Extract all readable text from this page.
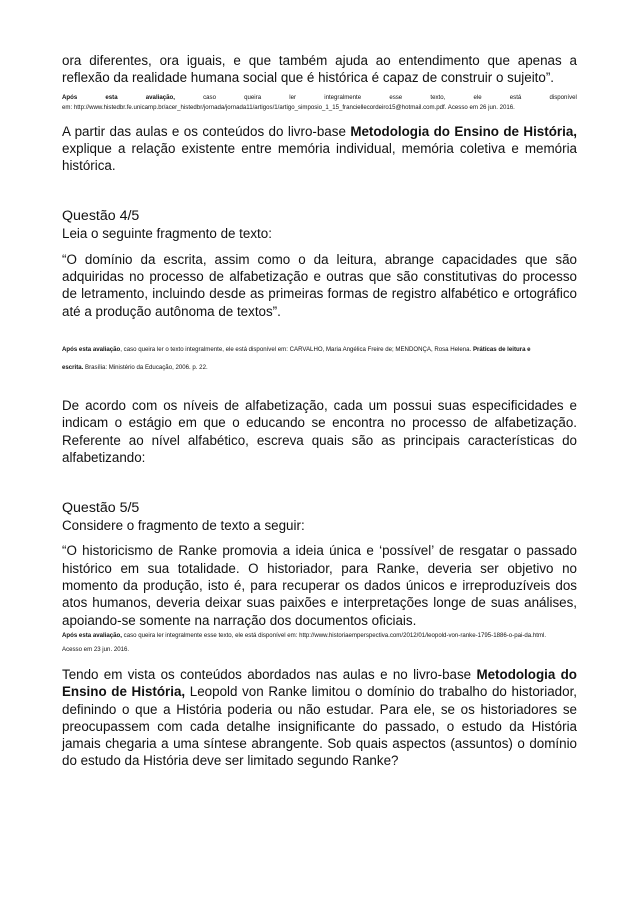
ora diferentes, ora iguais, e que também ajuda ao entendimento que apenas a reflexão da realidade humana social que é histórica é capaz de construir o sujeito”.

Após	esta	avaliação,	caso	queira	ler	integralmente	esse	texto,	ele	está	disponível
em: http://www.histedbr.fe.unicamp.br/acer_histedbr/jornada/jornada11/artigos/1/artigo_simposio_1_15_franciellecordeiro15@hotmail.com.pdf. Acesso em 26 jun. 2016.

A partir das aulas e os conteúdos do livro-base Metodologia do Ensino de História, explique a relação existente entre memória individual, memória coletiva e memória histórica.

Questão 4/5

Leia o seguinte fragmento de texto:

“O domínio da escrita, assim como o da leitura, abrange capacidades que são adquiridas no processo de alfabetização e outras que são constitutivas do processo de letramento, incluindo desde as primeiras formas de registro alfabético e ortográfico até a produção autônoma de textos”.

Após esta avaliação, caso queira ler o texto integralmente, ele está disponível em: CARVALHO, Maria Angélica Freire de; MENDONÇA, Rosa Helena. Práticas de leitura e
escrita. Brasília: Ministério da Educação, 2006. p. 22.

De acordo com os níveis de alfabetização, cada um possui suas especificidades e indicam o estágio em que o educando se encontra no processo de alfabetização. Referente ao nível alfabético, escreva quais são as principais características do alfabetizando:

Questão 5/5

Considere o fragmento de texto a seguir:

“O historicismo de Ranke promovia a ideia única e ‘possível’ de resgatar o passado histórico em sua totalidade. O historiador, para Ranke, deveria ser objetivo no momento da produção, isto é, para recuperar os dados únicos e irreproduzíveis dos atos humanos, deveria deixar suas paixões e interpretações longe de suas análises, apoiando-se somente na narração dos documentos oficiais.

Após esta avaliação, caso queira ler integralmente esse texto, ele está disponível em: http://www.historiaemperspectiva.com/2012/01/leopold-von-ranke-1795-1886-o-pai-da.html.
Acesso em 23 jun. 2016.

Tendo em vista os conteúdos abordados nas aulas e no livro-base Metodologia do Ensino de História, Leopold von Ranke limitou o domínio do trabalho do historiador, definindo o que a História poderia ou não estudar. Para ele, se os historiadores se preocupassem com cada detalhe insignificante do passado, o estudo da História jamais chegaria a uma síntese abrangente. Sob quais aspectos (assuntos) o domínio do estudo da História deve ser limitado segundo Ranke?
